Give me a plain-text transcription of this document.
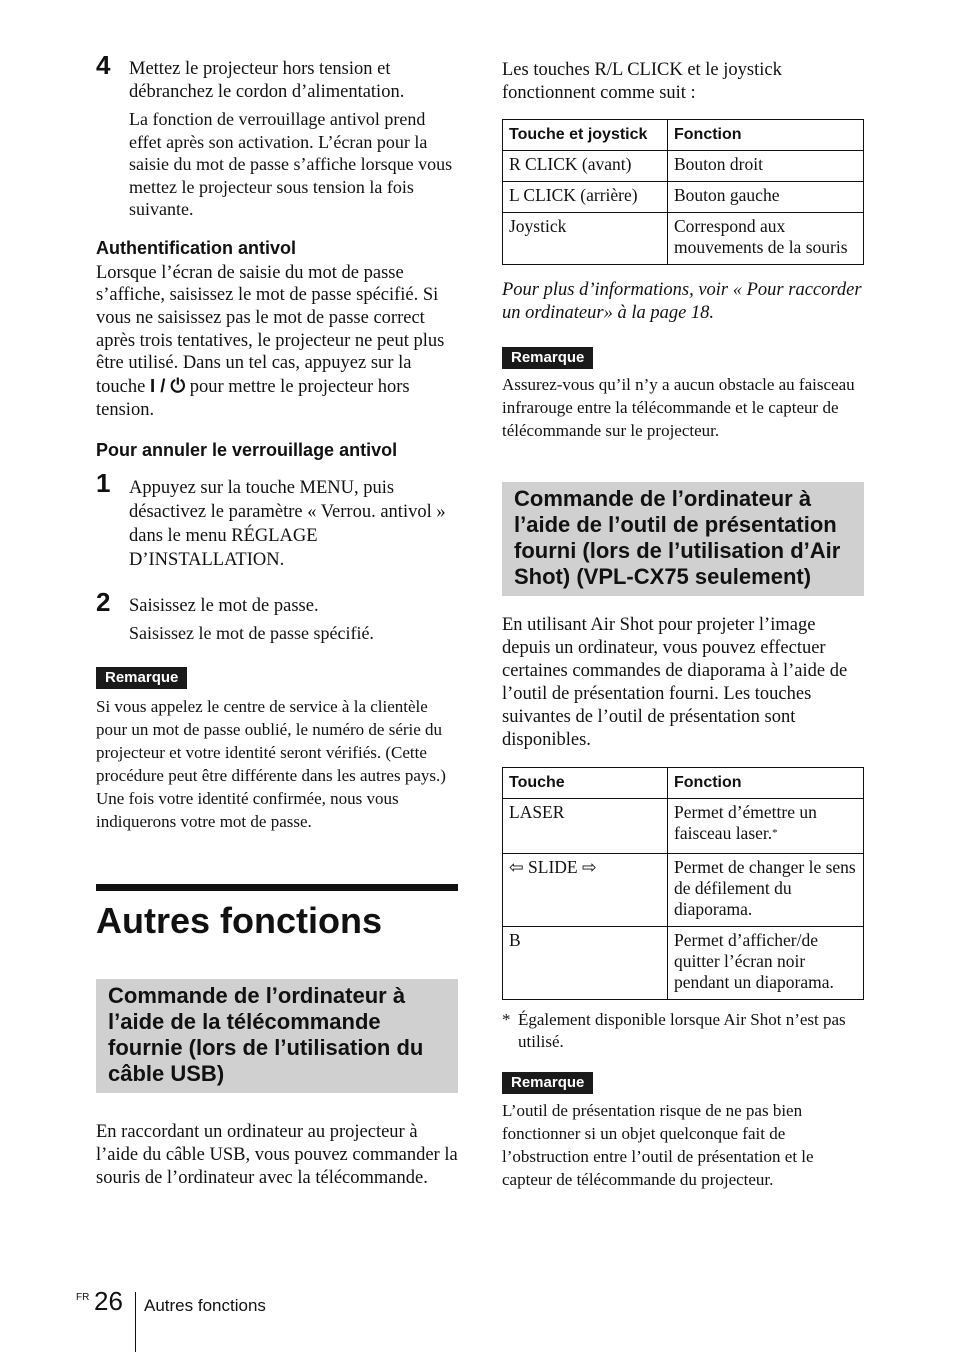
4 Mettez le projecteur hors tension et débranchez le cordon d’alimentation.

La fonction de verrouillage antivol prend effet après son activation. L’écran pour la saisie du mot de passe s’affiche lorsque vous mettez le projecteur sous tension la fois suivante.

Authentification antivol

Lorsque l’écran de saisie du mot de passe s’affiche, saisissez le mot de passe spécifié. Si vous ne saisissez pas le mot de passe correct après trois tentatives, le projecteur ne peut plus être utilisé. Dans un tel cas, appuyez sur la touche I / ⏻ pour mettre le projecteur hors tension.

Pour annuler le verrouillage antivol

1 Appuyez sur la touche MENU, puis désactivez le paramètre « Verrou. antivol » dans le menu RÉGLAGE D’INSTALLATION.

2 Saisissez le mot de passe.

Saisissez le mot de passe spécifié.

Remarque

Si vous appelez le centre de service à la clientèle pour un mot de passe oublié, le numéro de série du projecteur et votre identité seront vérifiés. (Cette procédure peut être différente dans les autres pays.) Une fois votre identité confirmée, nous vous indiquerons votre mot de passe.

Autres fonctions

Commande de l’ordinateur à l’aide de la télécommande fournie (lors de l’utilisation du câble USB)

En raccordant un ordinateur au projecteur à l’aide du câble USB, vous pouvez commander la souris de l’ordinateur avec la télécommande.

Les touches R/L CLICK et le joystick fonctionnent comme suit :

Touche et joystick	Fonction
R CLICK (avant)	Bouton droit
L CLICK (arrière)	Bouton gauche
Joystick	Correspond aux mouvements de la souris

Pour plus d’informations, voir « Pour raccorder un ordinateur» à la page 18.

Remarque

Assurez-vous qu’il n’y a aucun obstacle au faisceau infrarouge entre la télécommande et le capteur de télécommande sur le projecteur.

Commande de l’ordinateur à l’aide de l’outil de présentation fourni (lors de l’utilisation d’Air Shot) (VPL-CX75 seulement)

En utilisant Air Shot pour projeter l’image depuis un ordinateur, vous pouvez effectuer certaines commandes de diaporama à l’aide de l’outil de présentation fourni. Les touches suivantes de l’outil de présentation sont disponibles.

Touche	Fonction
LASER	Permet d’émettre un faisceau laser.*
⇦ SLIDE ⇨	Permet de changer le sens de défilement du diaporama.
B	Permet d’afficher/de quitter l’écran noir pendant un diaporama.
* Également disponible lorsque Air Shot n’est pas utilisé.
Remarque

L’outil de présentation risque de ne pas bien fonctionner si un objet quelconque fait de l’obstruction entre l’outil de présentation et le capteur de télécommande du projecteur.

FR 26 Autres fonctions
